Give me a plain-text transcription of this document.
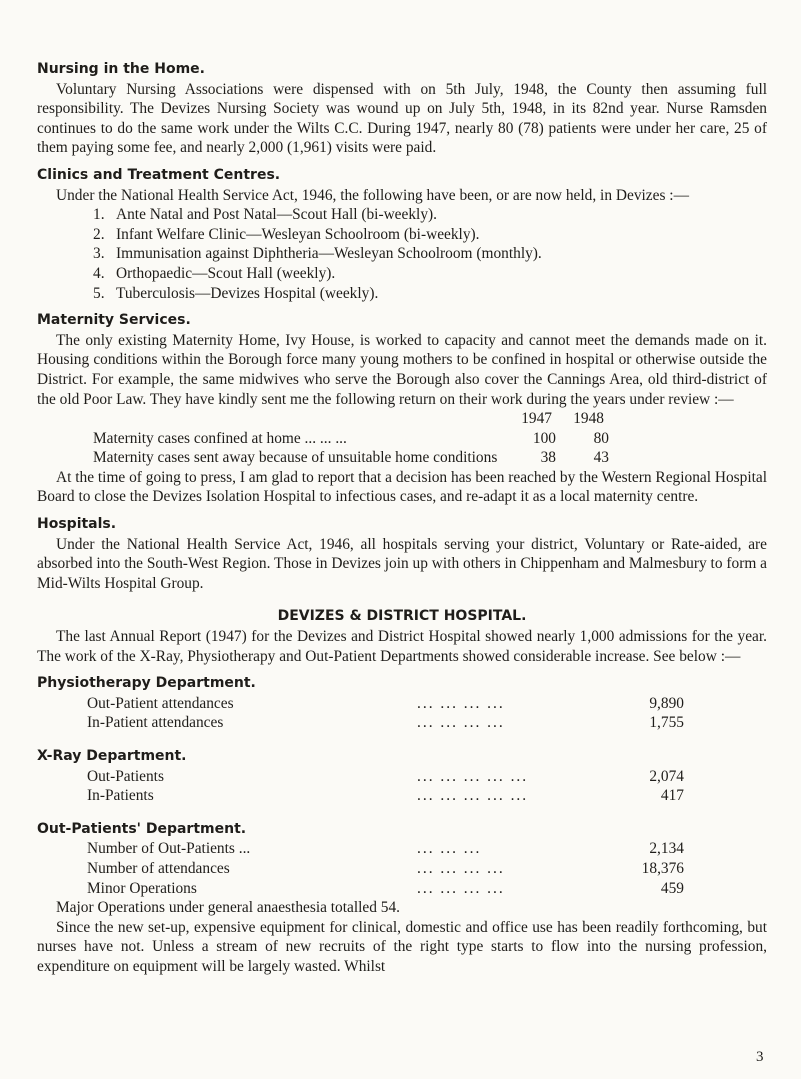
Nursing in the Home.

Voluntary Nursing Associations were dispensed with on 5th July, 1948, the County then assuming full responsibility. The Devizes Nursing Society was wound up on July 5th, 1948, in its 82nd year. Nurse Ramsden continues to do the same work under the Wilts C.C. During 1947, nearly 80 (78) patients were under her care, 25 of them paying some fee, and nearly 2,000 (1,961) visits were paid.

Clinics and Treatment Centres.

Under the National Health Service Act, 1946, the following have been, or are now held, in Devizes :—

1. Ante Natal and Post Natal—Scout Hall (bi-weekly).
2. Infant Welfare Clinic—Wesleyan Schoolroom (bi-weekly).
3. Immunisation against Diphtheria—Wesleyan Schoolroom (monthly).
4. Orthopaedic—Scout Hall (weekly).
5. Tuberculosis—Devizes Hospital (weekly).
Maternity Services.

The only existing Maternity Home, Ivy House, is worked to capacity and cannot meet the demands made on it. Housing conditions within the Borough force many young mothers to be confined in hospital or otherwise outside the District. For example, the same midwives who serve the Borough also cover the Cannings Area, old third-district of the old Poor Law. They have kindly sent me the following return on their work during the years under review :—

1947	1948
Maternity cases confined at home ... ... ...	100	80
Maternity cases sent away because of unsuitable home conditions	38	43

At the time of going to press, I am glad to report that a decision has been reached by the Western Regional Hospital Board to close the Devizes Isolation Hospital to infectious cases, and re-adapt it as a local maternity centre.

Hospitals.

Under the National Health Service Act, 1946, all hospitals serving your district, Voluntary or Rate-aided, are absorbed into the South-West Region. Those in Devizes join up with others in Chippenham and Malmesbury to form a Mid-Wilts Hospital Group.

DEVIZES & DISTRICT HOSPITAL.

The last Annual Report (1947) for the Devizes and District Hospital showed nearly 1,000 admissions for the year. The work of the X-Ray, Physiotherapy and Out-Patient Departments showed considerable increase. See below :—

Physiotherapy Department.
Out-Patient attendances	... ... ... ...	9,890
In-Patient attendances	... ... ... ...	1,755
X-Ray Department.
Out-Patients	... ... ... ... ...	2,074
In-Patients	... ... ... ... ...	417
Out-Patients' Department.
Number of Out-Patients ...	... ... ...	2,134
Number of attendances	... ... ... ...	18,376
Minor Operations	... ... ... ...	459

Major Operations under general anaesthesia totalled 54.

Since the new set-up, expensive equipment for clinical, domestic and office use has been readily forthcoming, but nurses have not. Unless a stream of new recruits of the right type starts to flow into the nursing profession, expenditure on equipment will be largely wasted. Whilst

3
